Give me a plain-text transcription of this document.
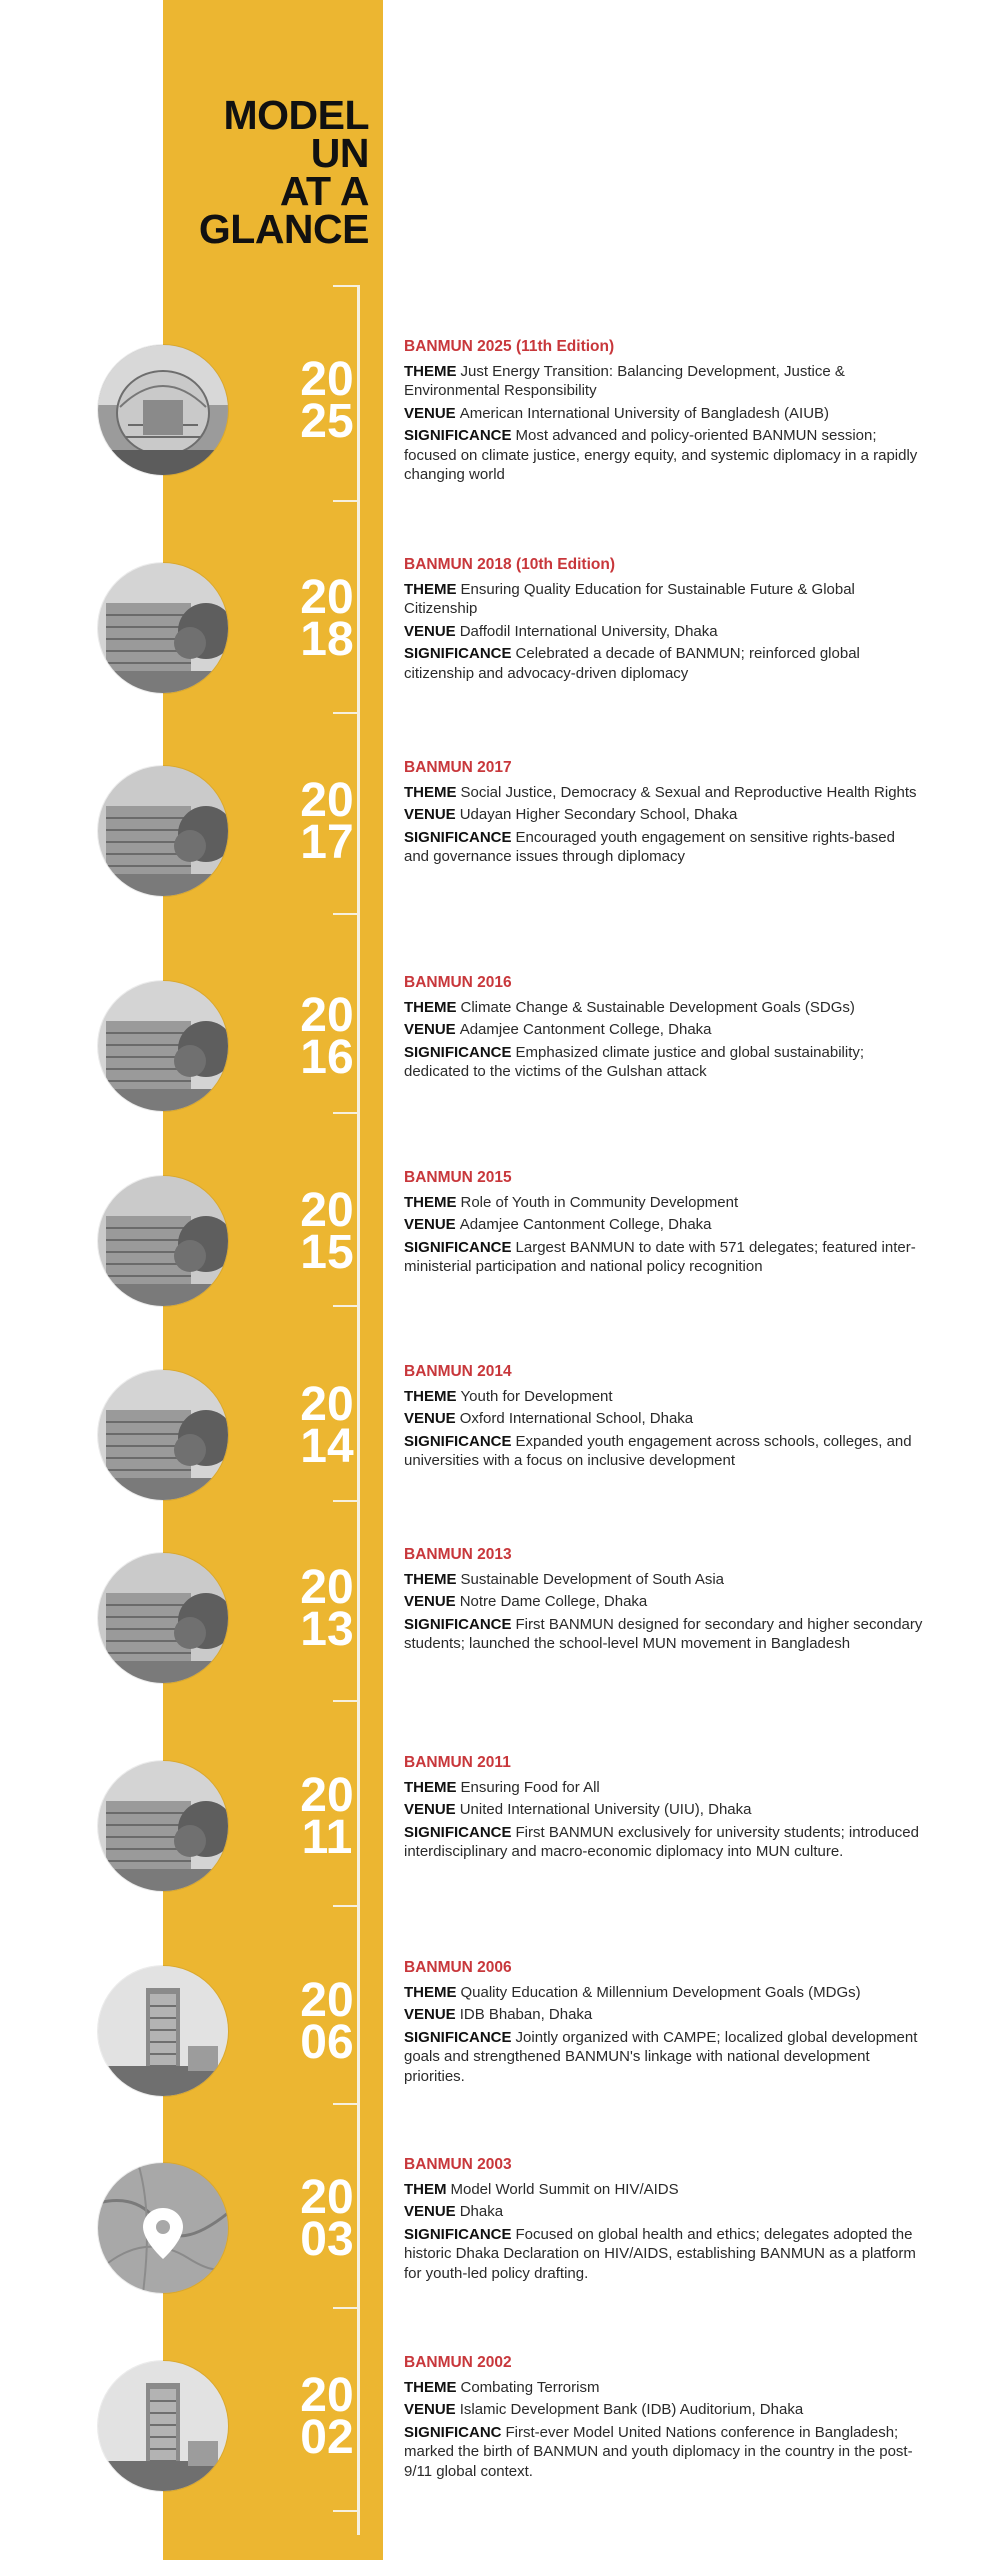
MODEL
UN
AT A
GLANCE
20
25
BANMUN 2025 (11th Edition)
THEME Just Energy Transition: Balancing Development, Justice & Environmental Responsibility
VENUE American International University of Bangladesh (AIUB)
SIGNIFICANCE Most advanced and policy-oriented BANMUN session; focused on climate justice, energy equity, and systemic diplomacy in a rapidly changing world
20
18
BANMUN 2018 (10th Edition)
THEME Ensuring Quality Education for Sustainable Future & Global Citizenship
VENUE Daffodil International University, Dhaka
SIGNIFICANCE Celebrated a decade of BANMUN; reinforced global citizenship and advocacy-driven diplomacy
20
17
BANMUN 2017
THEME Social Justice, Democracy & Sexual and Reproductive Health Rights
VENUE Udayan Higher Secondary School, Dhaka
SIGNIFICANCE Encouraged youth engagement on sensitive rights-based and governance issues through diplomacy
20
16
BANMUN 2016
THEME Climate Change & Sustainable Development Goals (SDGs)
VENUE Adamjee Cantonment College, Dhaka
SIGNIFICANCE Emphasized climate justice and global sustainability; dedicated to the victims of the Gulshan attack
20
15
BANMUN 2015
THEME Role of Youth in Community Development
VENUE Adamjee Cantonment College, Dhaka
SIGNIFICANCE Largest BANMUN to date with 571 delegates; featured inter-ministerial participation and national policy recognition
20
14
BANMUN 2014
THEME Youth for Development
VENUE Oxford International School, Dhaka
SIGNIFICANCE Expanded youth engagement across schools, colleges, and universities with a focus on inclusive development
20
13
BANMUN 2013
THEME Sustainable Development of South Asia
VENUE Notre Dame College, Dhaka
SIGNIFICANCE First BANMUN designed for secondary and higher secondary students; launched the school-level MUN movement in Bangladesh
20
11
BANMUN 2011
THEME Ensuring Food for All
VENUE United International University (UIU), Dhaka
SIGNIFICANCE First BANMUN exclusively for university students; introduced interdisciplinary and macro-economic diplomacy into MUN culture.
20
06
BANMUN 2006
THEME Quality Education & Millennium Development Goals (MDGs)
VENUE IDB Bhaban, Dhaka
SIGNIFICANCE Jointly organized with CAMPE; localized global development goals and strengthened BANMUN's linkage with national development priorities.
20
03
BANMUN 2003
THEM Model World Summit on HIV/AIDS
VENUE Dhaka
SIGNIFICANCE Focused on global health and ethics; delegates adopted the historic Dhaka Declaration on HIV/AIDS, establishing BANMUN as a platform for youth-led policy drafting.
20
02
BANMUN 2002
THEME Combating Terrorism
VENUE Islamic Development Bank (IDB) Auditorium, Dhaka
SIGNIFICANC First-ever Model United Nations conference in Bangladesh; marked the birth of BANMUN and youth diplomacy in the country in the post-9/11 global context.
